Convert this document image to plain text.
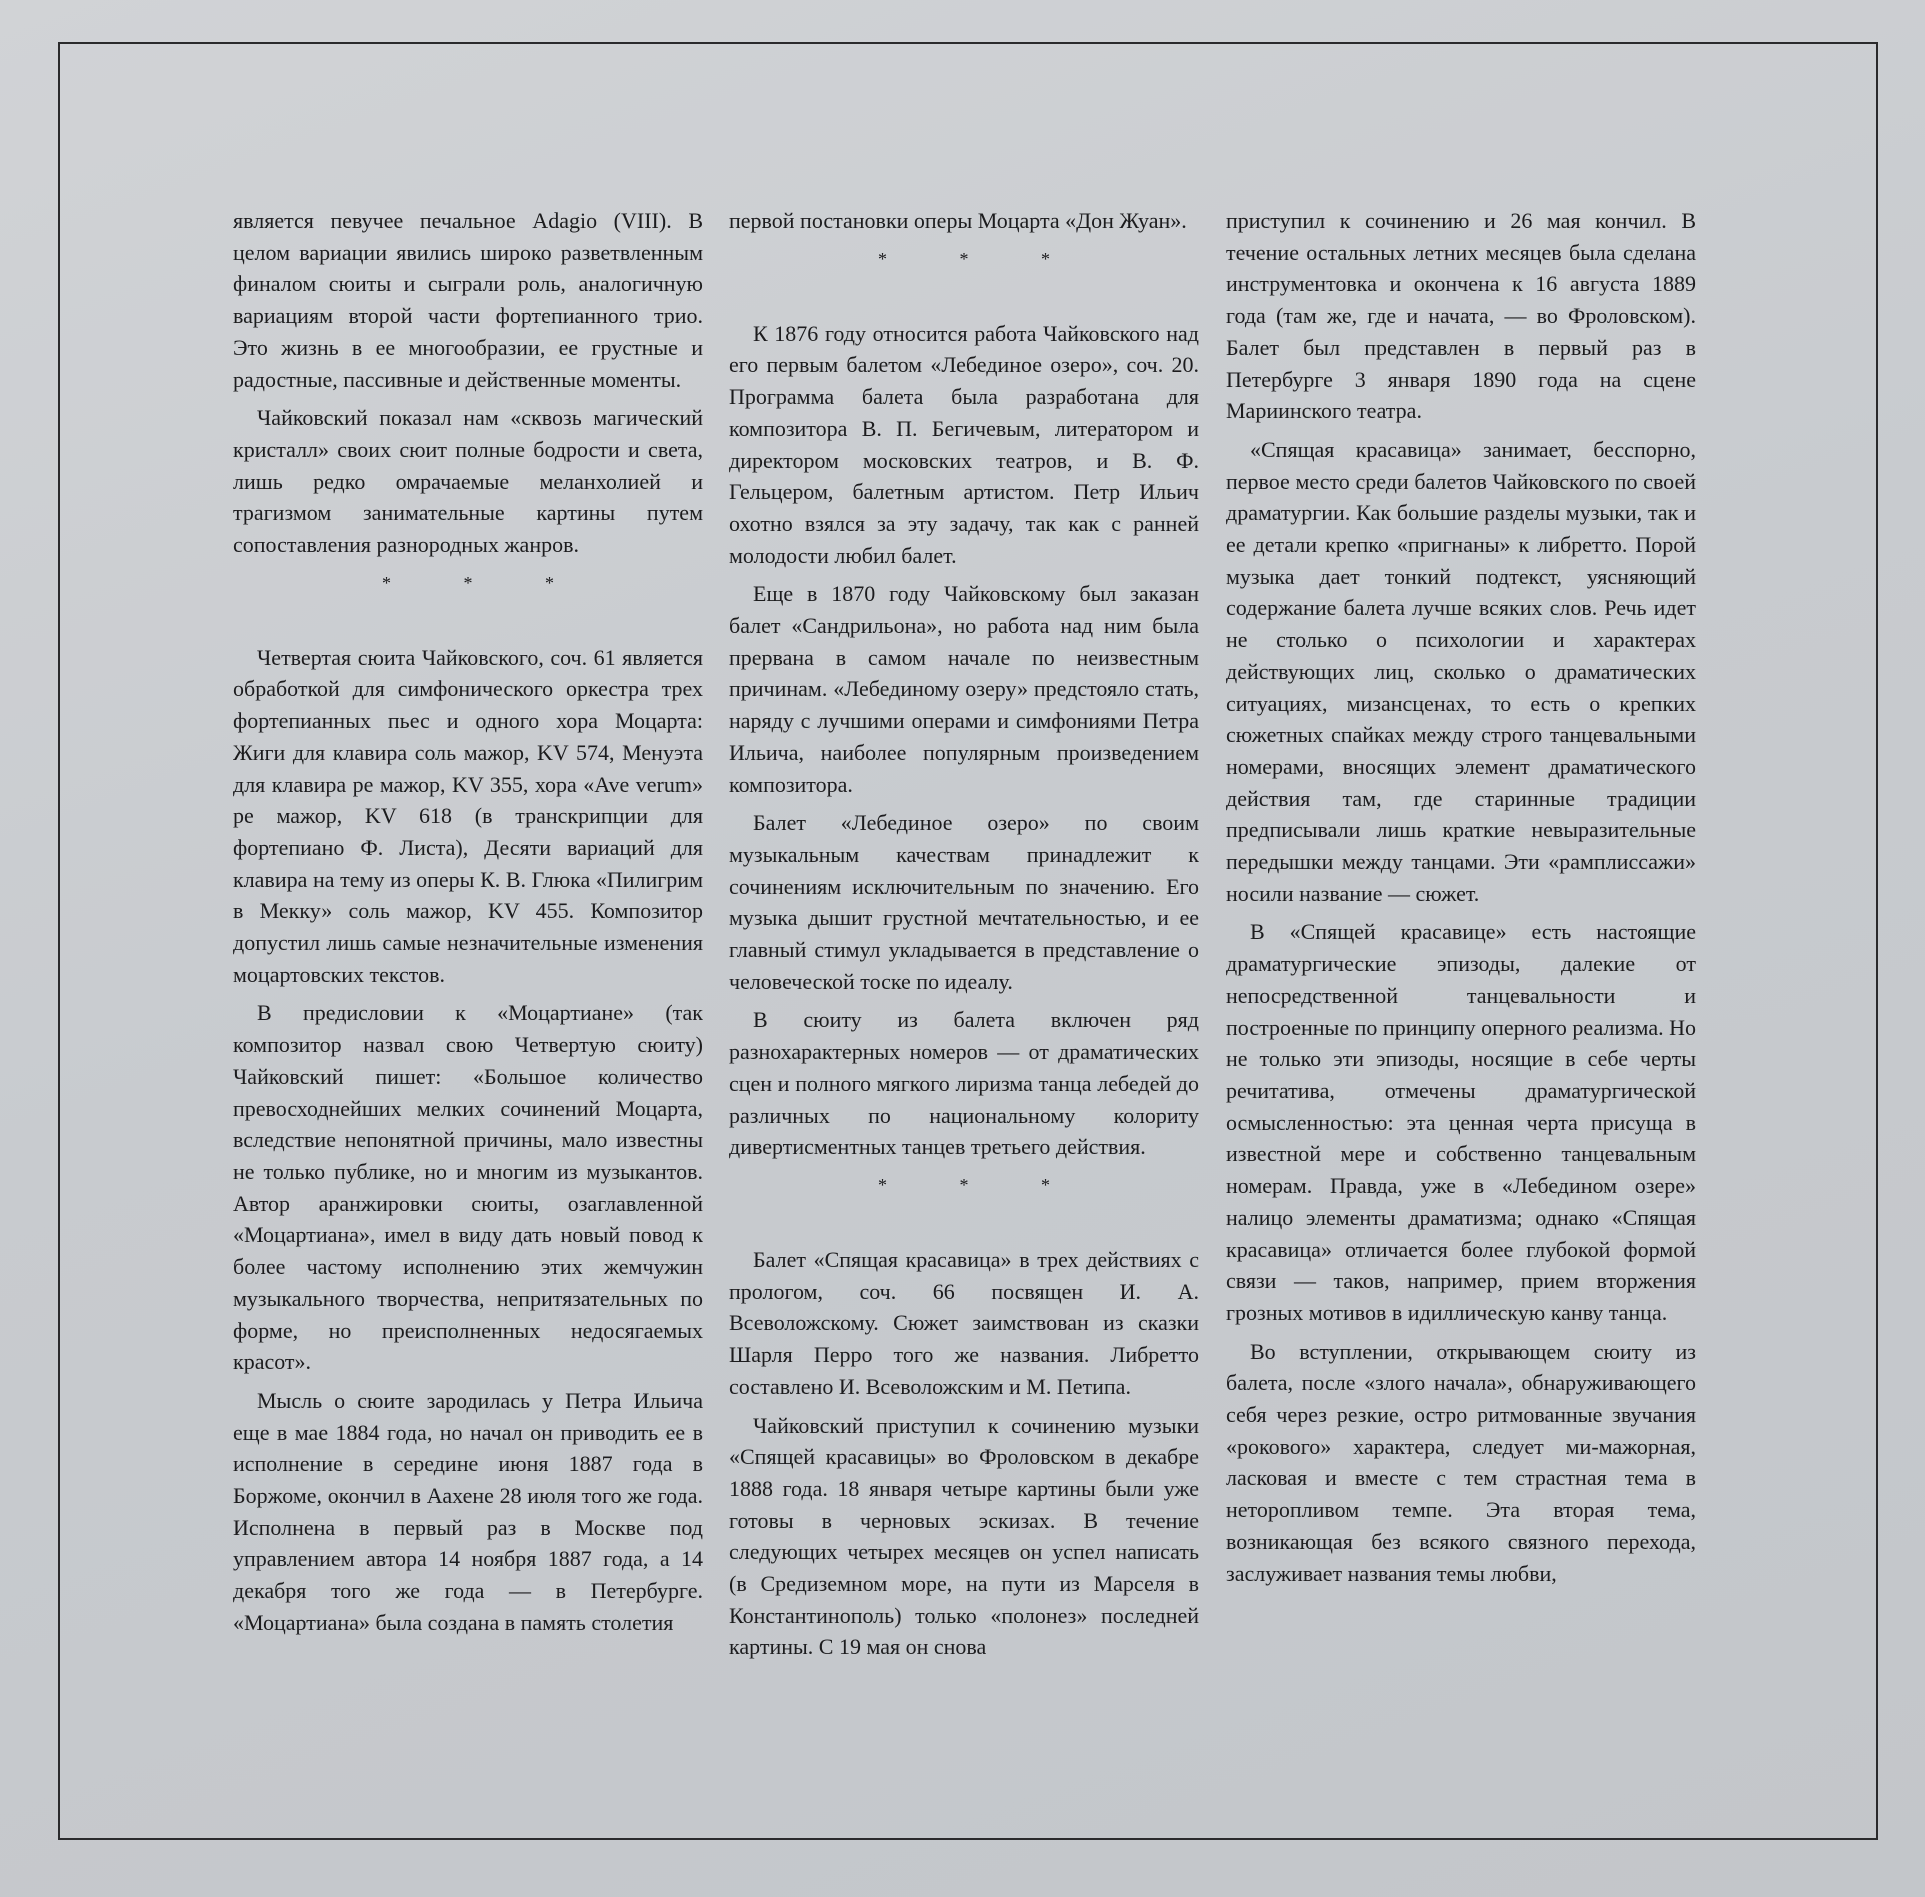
является певучее печальное Adagio (VIII). В целом вариации явились широко разветвленным финалом сюиты и сыграли роль, аналогичную вариациям второй части фортепианного трио. Это жизнь в ее многообразии, ее грустные и радостные, пассивные и действенные моменты.

Чайковский показал нам «сквозь магический кристалл» своих сюит полные бодрости и света, лишь редко омрачаемые меланхолией и трагизмом занимательные картины путем сопоставления разнородных жанров.

* * *

Четвертая сюита Чайковского, соч. 61 является обработкой для симфонического оркестра трех фортепианных пьес и одного хора Моцарта: Жиги для клавира соль мажор, KV 574, Менуэта для клавира ре мажор, KV 355, хора «Ave verum» ре мажор, KV 618 (в транскрипции для фортепиано Ф. Листа), Десяти вариаций для клавира на тему из оперы К. В. Глюка «Пилигрим в Мекку» соль мажор, KV 455. Композитор допустил лишь самые незначительные изменения моцартовских текстов.

В предисловии к «Моцартиане» (так композитор назвал свою Четвертую сюиту) Чайковский пишет: «Большое количество превосходнейших мелких сочинений Моцарта, вследствие непонятной причины, мало известны не только публике, но и многим из музыкантов. Автор аранжировки сюиты, озаглавленной «Моцартиана», имел в виду дать новый повод к более частому исполнению этих жемчужин музыкального творчества, непритязательных по форме, но преисполненных недосягаемых красот».

Мысль о сюите зародилась у Петра Ильича еще в мае 1884 года, но начал он приводить ее в исполнение в середине июня 1887 года в Боржоме, окончил в Аахене 28 июля того же года. Исполнена в первый раз в Москве под управлением автора 14 ноября 1887 года, а 14 декабря того же года — в Петербурге. «Моцартиана» была создана в память столетия

первой постановки оперы Моцарта «Дон Жуан».

* * *

К 1876 году относится работа Чайковского над его первым балетом «Лебединое озеро», соч. 20. Программа балета была разработана для композитора В. П. Бегичевым, литератором и директором московских театров, и В. Ф. Гельцером, балетным артистом. Петр Ильич охотно взялся за эту задачу, так как с ранней молодости любил балет.

Еще в 1870 году Чайковскому был заказан балет «Сандрильона», но работа над ним была прервана в самом начале по неизвестным причинам. «Лебединому озеру» предстояло стать, наряду с лучшими операми и симфониями Петра Ильича, наиболее популярным произведением композитора.

Балет «Лебединое озеро» по своим музыкальным качествам принадлежит к сочинениям исключительным по значению. Его музыка дышит грустной мечтательностью, и ее главный стимул укладывается в представление о человеческой тоске по идеалу.

В сюиту из балета включен ряд разнохарактерных номеров — от драматических сцен и полного мягкого лиризма танца лебедей до различных по национальному колориту дивертисментных танцев третьего действия.

* * *

Балет «Спящая красавица» в трех действиях с прологом, соч. 66 посвящен И. А. Всеволожскому. Сюжет заимствован из сказки Шарля Перро того же названия. Либретто составлено И. Всеволожским и М. Петипа.

Чайковский приступил к сочинению музыки «Спящей красавицы» во Фроловском в декабре 1888 года. 18 января четыре картины были уже готовы в черновых эскизах. В течение следующих четырех месяцев он успел написать (в Средиземном море, на пути из Марселя в Константинополь) только «полонез» последней картины. С 19 мая он снова

приступил к сочинению и 26 мая кончил. В течение остальных летних месяцев была сделана инструментовка и окончена к 16 августа 1889 года (там же, где и начата, — во Фроловском). Балет был представлен в первый раз в Петербурге 3 января 1890 года на сцене Мариинского театра.

«Спящая красавица» занимает, бесспорно, первое место среди балетов Чайковского по своей драматургии. Как большие разделы музыки, так и ее детали крепко «пригнаны» к либретто. Порой музыка дает тонкий подтекст, уясняющий содержание балета лучше всяких слов. Речь идет не столько о психологии и характерах действующих лиц, сколько о драматических ситуациях, мизансценах, то есть о крепких сюжетных спайках между строго танцевальными номерами, вносящих элемент драматического действия там, где старинные традиции предписывали лишь краткие невыразительные передышки между танцами. Эти «рамплиссажи» носили название — сюжет.

В «Спящей красавице» есть настоящие драматургические эпизоды, далекие от непосредственной танцевальности и построенные по принципу оперного реализма. Но не только эти эпизоды, носящие в себе черты речитатива, отмечены драматургической осмысленностью: эта ценная черта присуща в известной мере и собственно танцевальным номерам. Правда, уже в «Лебедином озере» налицо элементы драматизма; однако «Спящая красавица» отличается более глубокой формой связи — таков, например, прием вторжения грозных мотивов в идиллическую канву танца.

Во вступлении, открывающем сюиту из балета, после «злого начала», обнаруживающего себя через резкие, остро ритмованные звучания «рокового» характера, следует ми-мажорная, ласковая и вместе с тем страстная тема в неторопливом темпе. Эта вторая тема, возникающая без всякого связного перехода, заслуживает названия темы любви,
